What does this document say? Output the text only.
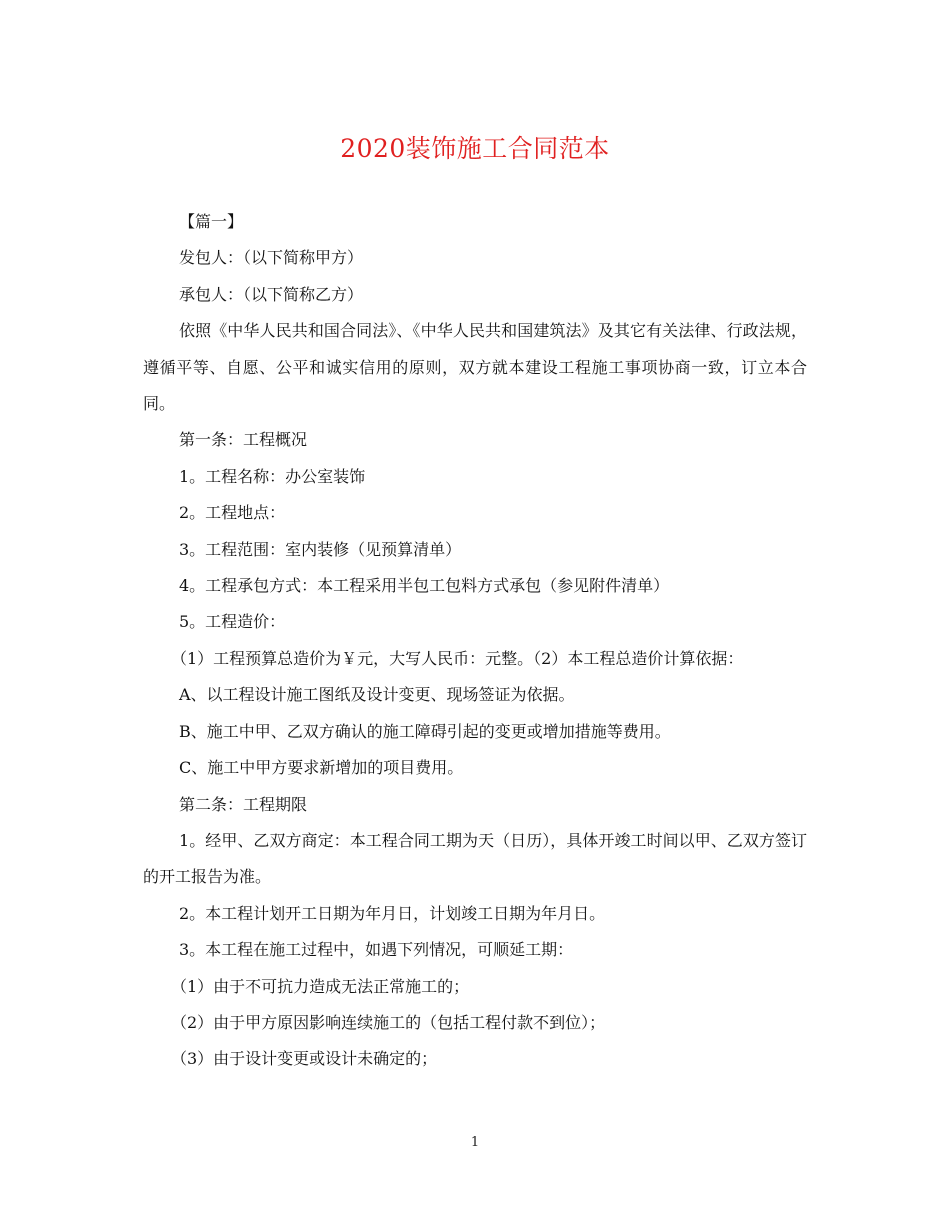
2020装饰施工合同范本

【篇一】

发包人：（以下简称甲方）

承包人：（以下简称乙方）

依照《中华人民共和国合同法》、《中华人民共和国建筑法》及其它有关法律、行政法规，遵循平等、自愿、公平和诚实信用的原则，双方就本建设工程施工事项协商一致，订立本合同。

第一条：工程概况

1。工程名称：办公室装饰

2。工程地点：

3。工程范围：室内装修（见预算清单）

4。工程承包方式：本工程采用半包工包料方式承包（参见附件清单）

5。工程造价：

（1）工程预算总造价为￥元，大写人民币：元整。（2）本工程总造价计算依据：

A、以工程设计施工图纸及设计变更、现场签证为依据。

B、施工中甲、乙双方确认的施工障碍引起的变更或增加措施等费用。

C、施工中甲方要求新增加的项目费用。

第二条：工程期限

1。经甲、乙双方商定：本工程合同工期为天（日历），具体开竣工时间以甲、乙双方签订的开工报告为准。

2。本工程计划开工日期为年月日，计划竣工日期为年月日。

3。本工程在施工过程中，如遇下列情况，可顺延工期：

（1）由于不可抗力造成无法正常施工的；

（2）由于甲方原因影响连续施工的（包括工程付款不到位）；

（3）由于设计变更或设计未确定的；

1
